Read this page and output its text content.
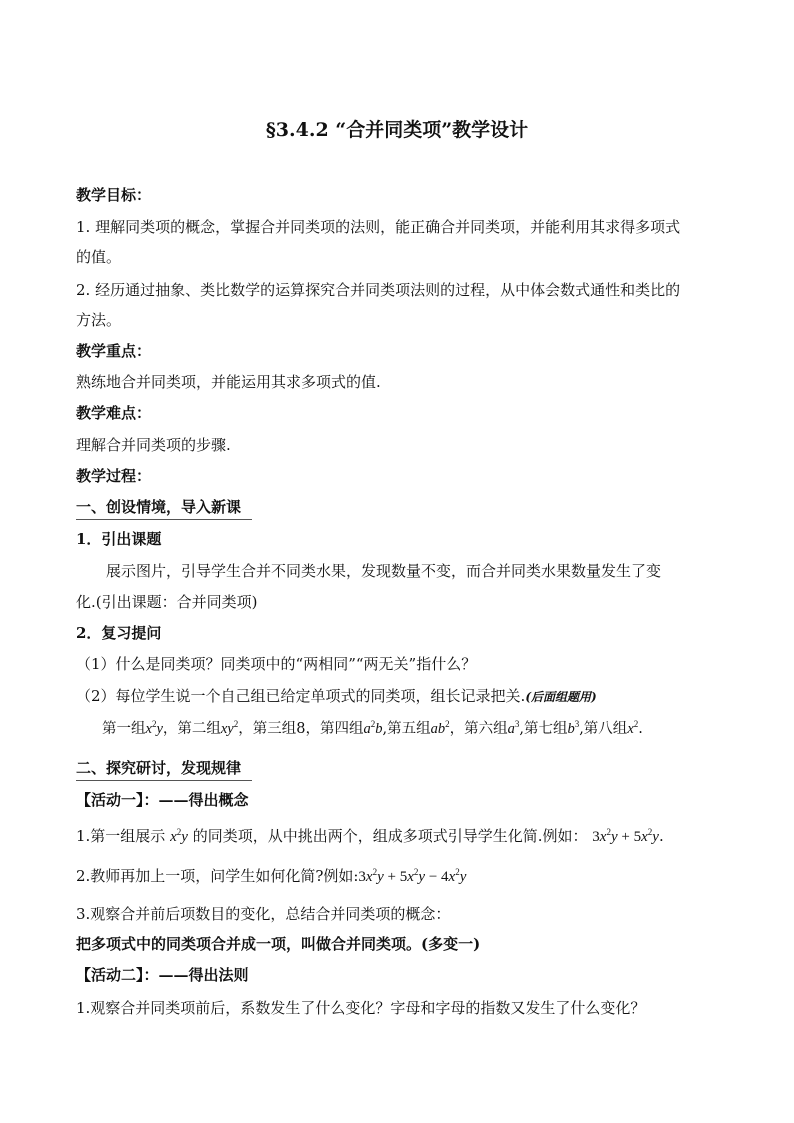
§3.4.2 “合并同类项”教学设计
教学目标：
1. 理解同类项的概念，掌握合并同类项的法则，能正确合并同类项，并能利用其求得多项式
的值。
2. 经历通过抽象、类比数学的运算探究合并同类项法则的过程，从中体会数式通性和类比的
方法。
教学重点：
熟练地合并同类项，并能运用其求多项式的值.
教学难点：
理解合并同类项的步骤.
教学过程：
一、创设情境，导入新课
1．引出课题
展示图片，引导学生合并不同类水果，发现数量不变，而合并同类水果数量发生了变
化.(引出课题：合并同类项)
2．复习提问
（1）什么是同类项？同类项中的“两相同”“两无关”指什么？
（2）每位学生说一个自己组已给定单项式的同类项，组长记录把关.(后面组题用)
第一组$x^2y$，第二组$xy^2$，第三组8，第四组$a^2b$,第五组$ab^2$，第六组$a^3$,第七组$b^3$,第八组$x^2$.
二、探究研讨，发现规律
【活动一】：——得出概念
1.第一组展示 $x^2y$ 的同类项，从中挑出两个，组成多项式引导学生化简.例如： $3x^2y + 5x^2y$.
2.教师再加上一项，问学生如何化简?例如$:3x^2y + 5x^2y - 4x^2y$
3.观察合并前后项数目的变化，总结合并同类项的概念：
把多项式中的同类项合并成一项，叫做合并同类项。(多变一)
【活动二】：——得出法则
1.观察合并同类项前后，系数发生了什么变化？字母和字母的指数又发生了什么变化？
